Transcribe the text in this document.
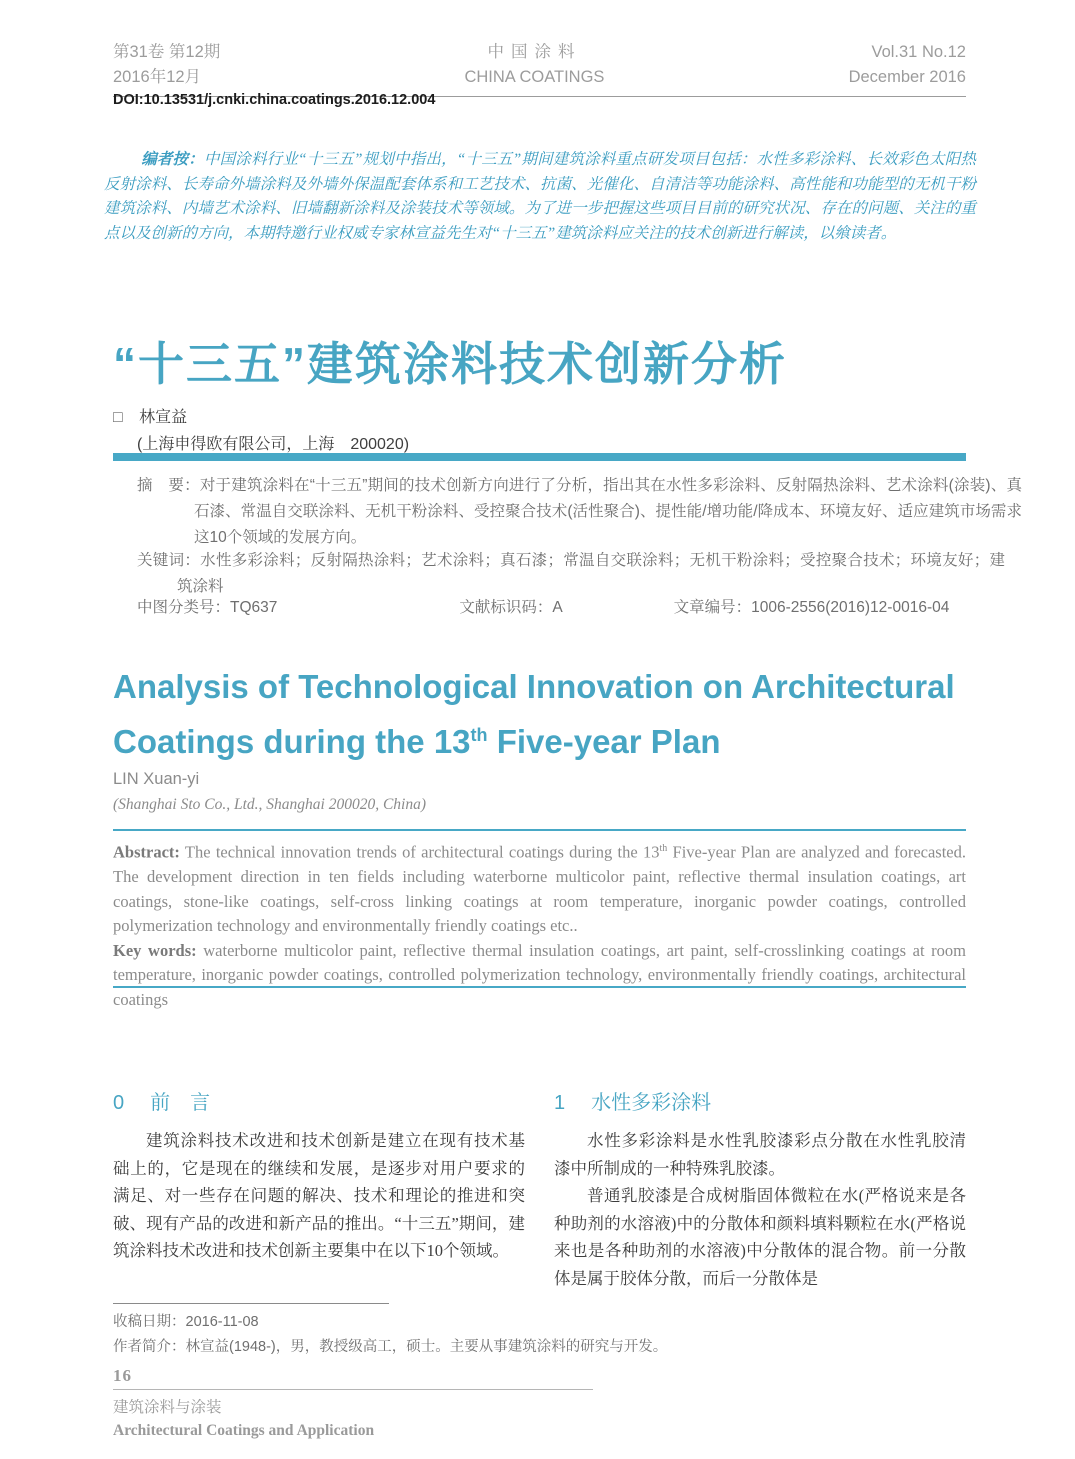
第31卷 第12期
2016年12月
中国涂料
CHINA COATINGS
Vol.31 No.12
December 2016
DOI:10.13531/j.cnki.china.coatings.2016.12.004
编者按：中国涂料行业“十三五”规划中指出，“十三五”期间建筑涂料重点研发项目包括：水性多彩涂料、长效彩色太阳热反射涂料、长寿命外墙涂料及外墙外保温配套体系和工艺技术、抗菌、光催化、自清洁等功能涂料、高性能和功能型的无机干粉建筑涂料、内墙艺术涂料、旧墙翻新涂料及涂装技术等领域。为了进一步把握这些项目目前的研究状况、存在的问题、关注的重点以及创新的方向，本期特邀行业权威专家林宣益先生对“十三五”建筑涂料应关注的技术创新进行解读，以飨读者。
“十三五”建筑涂料技术创新分析
□ 林宣益
(上海申得欧有限公司，上海　200020)
摘　要：对于建筑涂料在“十三五”期间的技术创新方向进行了分析，指出其在水性多彩涂料、反射隔热涂料、艺术涂料(涂装)、真石漆、常温自交联涂料、无机干粉涂料、受控聚合技术(活性聚合)、提性能/增功能/降成本、环境友好、适应建筑市场需求这10个领域的发展方向。
关键词：水性多彩涂料；反射隔热涂料；艺术涂料；真石漆；常温自交联涂料；无机干粉涂料；受控聚合技术；环境友好；建筑涂料
中图分类号：TQ637	文献标识码：A	文章编号：1006-2556(2016)12-0016-04
Analysis of Technological Innovation on Architectural
Coatings during the 13th Five-year Plan
LIN Xuan-yi
(Shanghai Sto Co., Ltd., Shanghai 200020, China)
Abstract: The technical innovation trends of architectural coatings during the 13th Five-year Plan are analyzed and forecasted. The development direction in ten fields including waterborne multicolor paint, reflective thermal insulation coatings, art coatings, stone-like coatings, self-cross linking coatings at room temperature, inorganic powder coatings, controlled polymerization technology and environmentally friendly coatings etc..
Key words: waterborne multicolor paint, reflective thermal insulation coatings, art paint, self-crosslinking coatings at room temperature, inorganic powder coatings, controlled polymerization technology, environmentally friendly coatings, architectural coatings
0 前　言

建筑涂料技术改进和技术创新是建立在现有技术基础上的，它是现在的继续和发展，是逐步对用户要求的满足、对一些存在问题的解决、技术和理论的推进和突破、现有产品的改进和新产品的推出。“十三五”期间，建筑涂料技术改进和技术创新主要集中在以下10个领域。

1 水性多彩涂料

水性多彩涂料是水性乳胶漆彩点分散在水性乳胶清漆中所制成的一种特殊乳胶漆。

普通乳胶漆是合成树脂固体微粒在水(严格说来是各种助剂的水溶液)中的分散体和颜料填料颗粒在水(严格说来也是各种助剂的水溶液)中分散体的混合物。前一分散体是属于胶体分散，而后一分散体是

收稿日期：2016-11-08
作者简介：林宣益(1948-)，男，教授级高工，硕士。主要从事建筑涂料的研究与开发。
16
建筑涂料与涂装
Architectural Coatings and Application
